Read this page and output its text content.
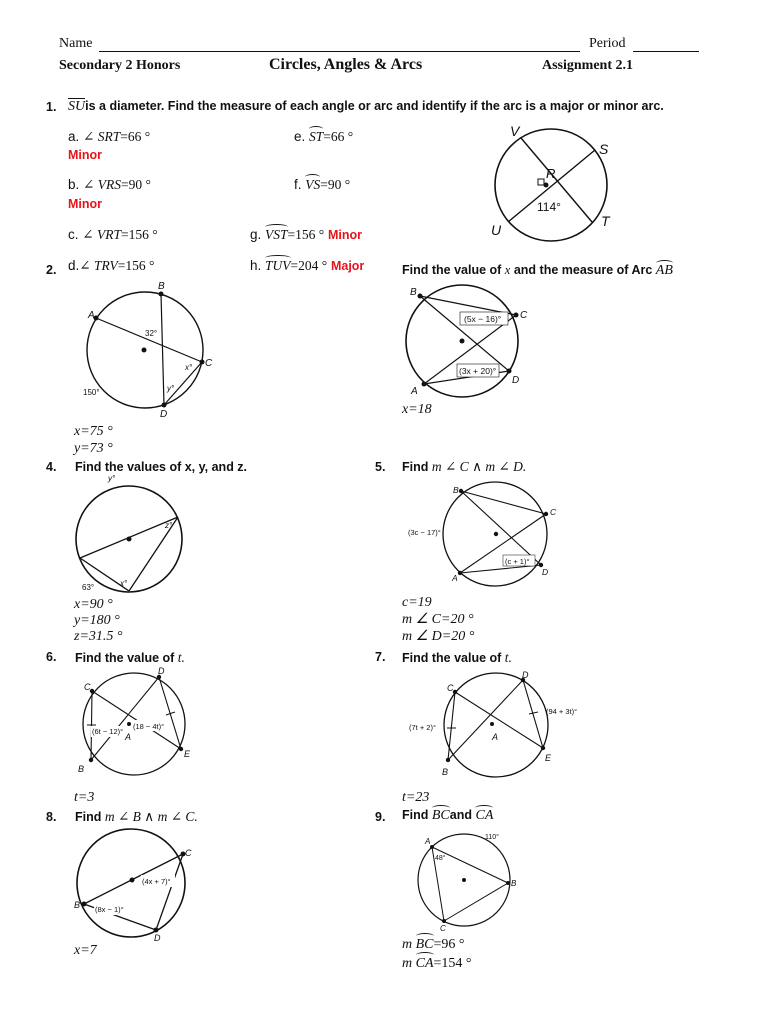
Name	Period
Secondary 2 Honors	Circles, Angles & Arcs	Assignment 2.1
1. SUis a diameter. Find the measure of each angle or arc and identify if the arc is a major or minor arc.
a. ∠ SRT=66 °
Minor
b. ∠ VRS=90 °
Minor
c. ∠ VRT=156 °
e. ST=66 °
f. VS=90 °
g. VST=156 ° Minor
V
S
R
U
T
114°
2. d.∠ TRV=156 °	h. TUV=204 ° Major
A
B
C
D
32°
x°
y°
150°
x=75 °
y=73 °
Find the value of x and the measure of Arc AB
B
C
A
D
(5x − 16)°
(3x + 20)°
x=18
4. Find the values of x, y, and z.
y°
z°
63°	x°
x=90 °
y=180 °
z=31.5 °
5. Find m ∠ C ∧ m ∠ D.
B
C
A
D
(3c − 17)°
(c + 1)°
c=19
m ∠ C=20 °
m ∠ D=20 °
6. Find the value of t.
C
D
A
B
E
(6t − 12)°
(18 − 4t)°
t=3
7. Find the value of t.
C
D
A
B
E
(7t + 2)°
(94 + 3t)°
t=23
8. Find m ∠ B ∧ m ∠ C.
C
B
D
(4x + 7)°
(8x − 1)°
x=7
9. Find BCand CA
A
B
C
48°
110°
m BC=96 °
m CA=154 °
